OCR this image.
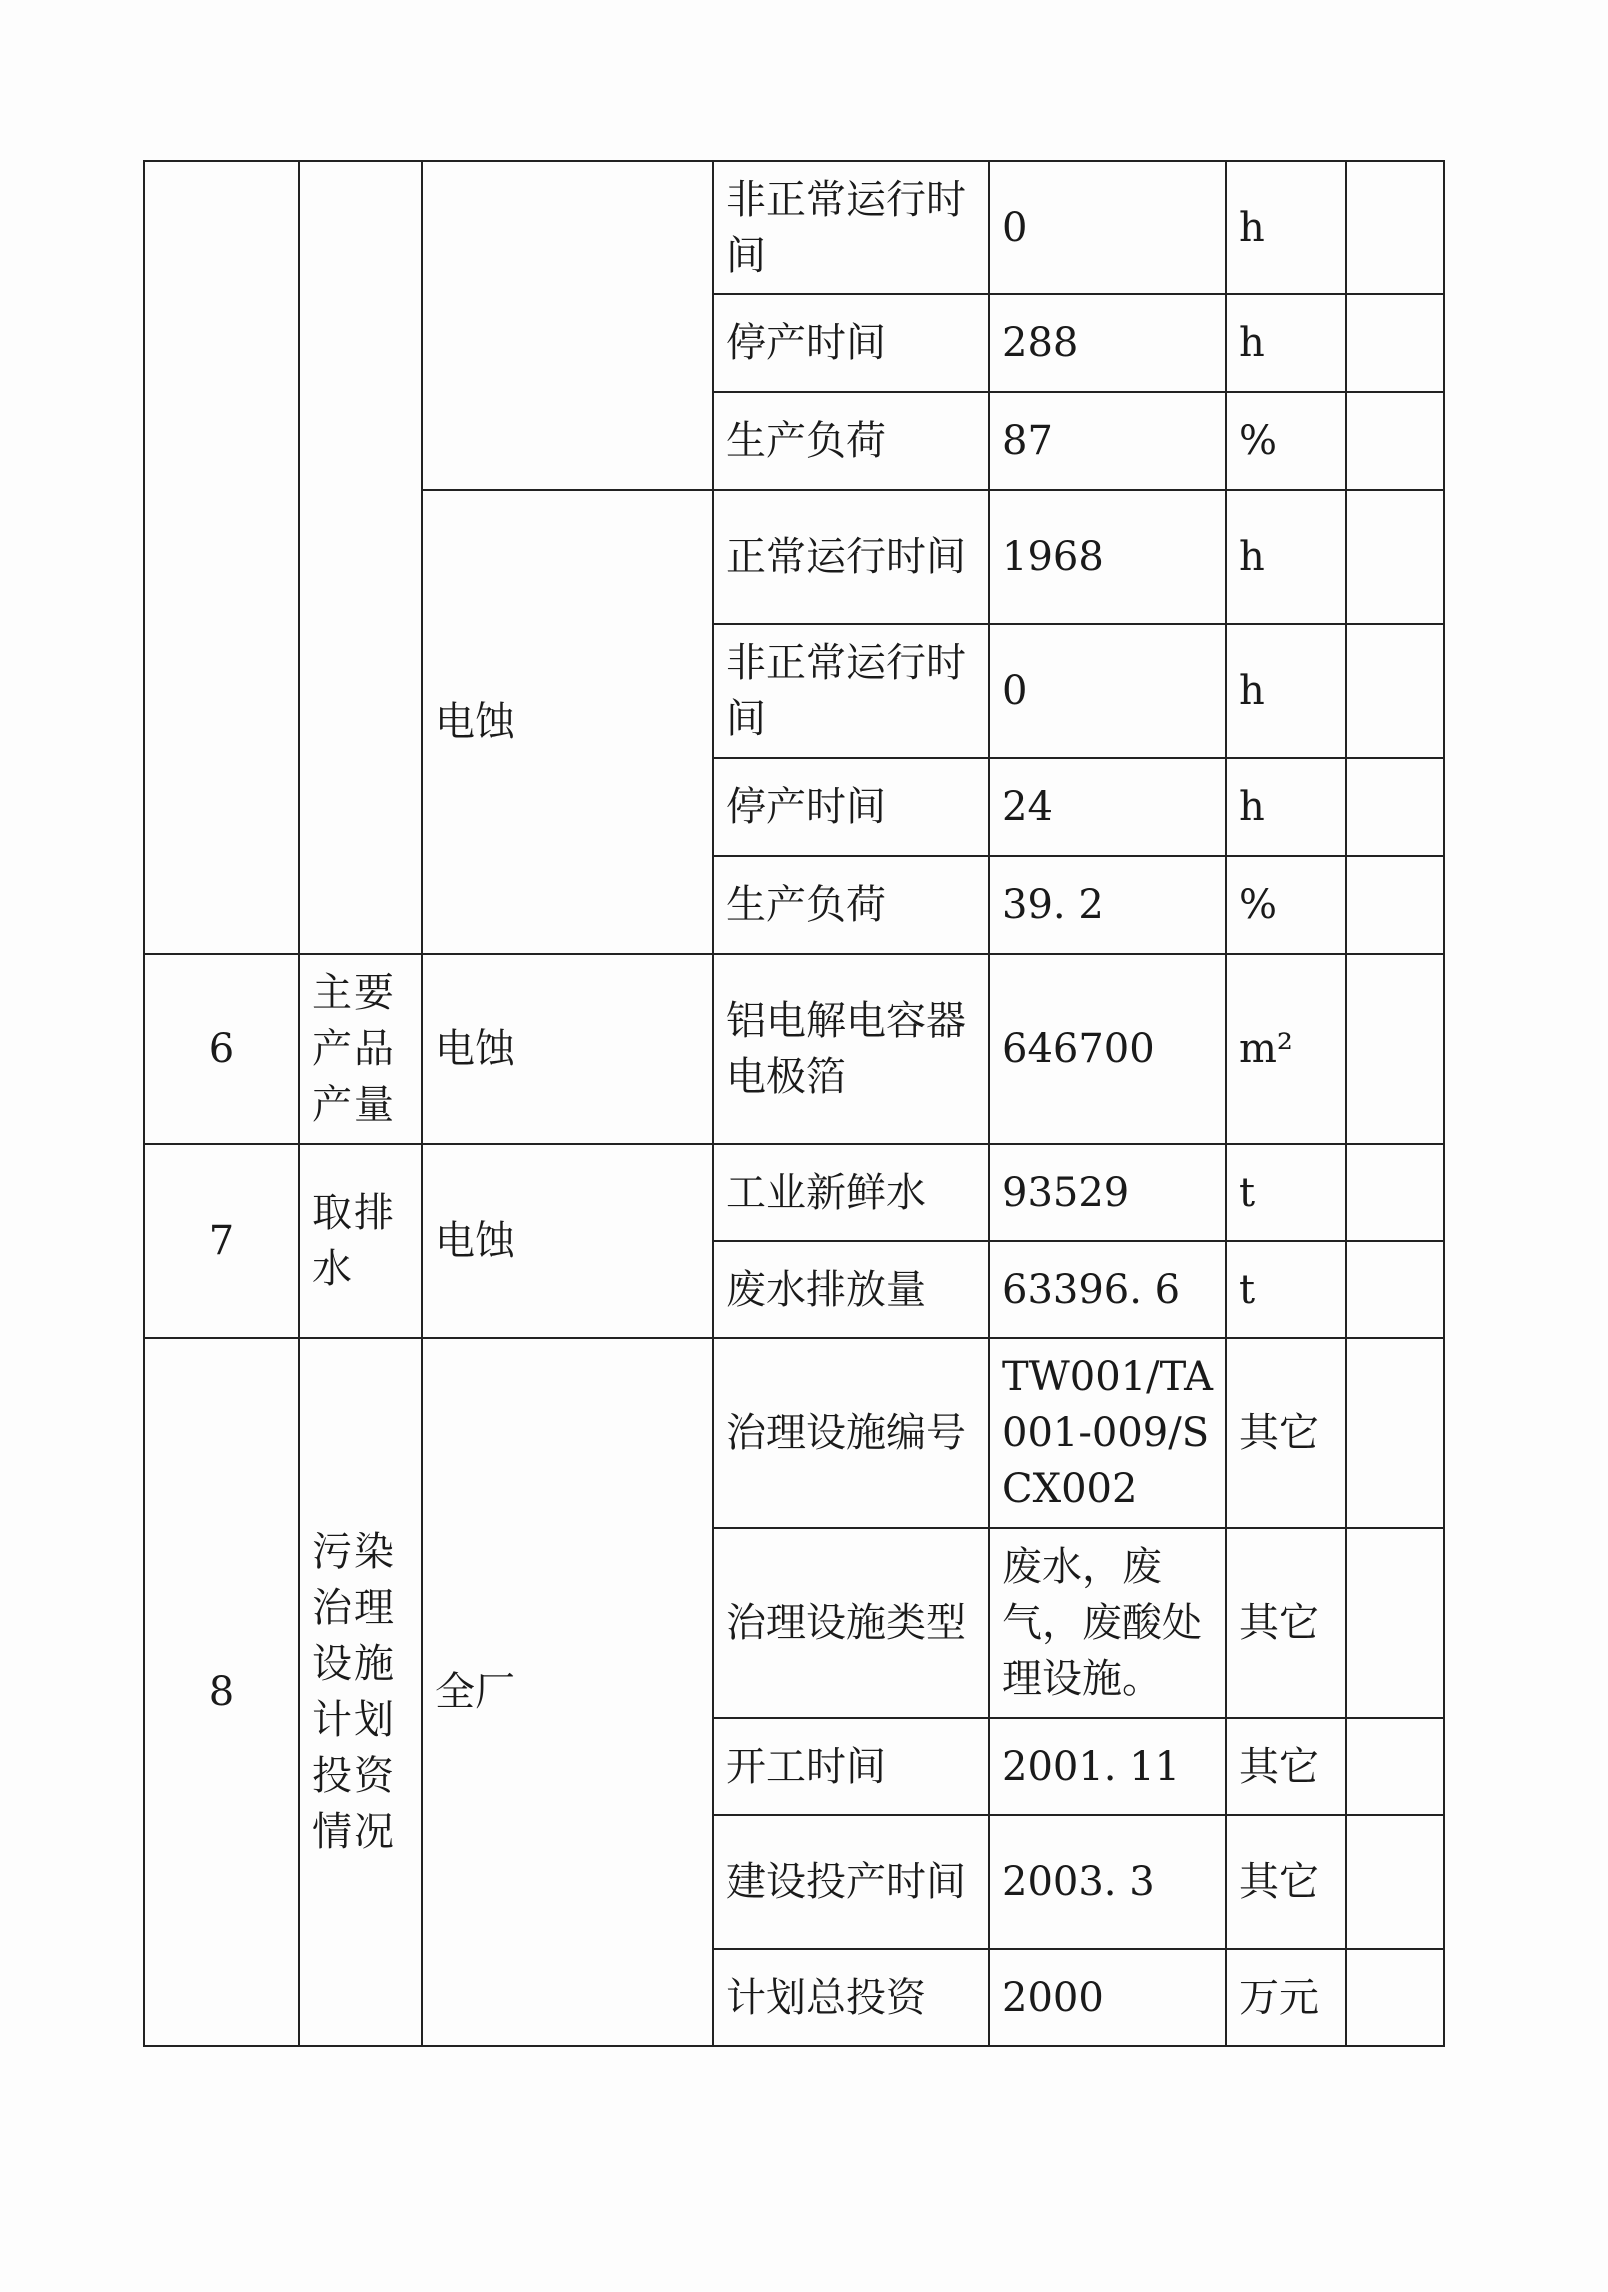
			非正常运行时间	0	h	
			停产时间	288	h	
			生产负荷	87	%	
		电蚀	正常运行时间	1968	h	
			非正常运行时间	0	h	
			停产时间	24	h	
			生产负荷	39. 2	%	
6	主要产品产量	电蚀	铝电解电容器电极箔	646700	m²	
7	取排水	电蚀	工业新鲜水	93529	t	
			废水排放量	63396. 6	t	
8	污染治理设施计划投资情况	全厂	治理设施编号	TW001/TA001-009/SCX002	其它	
			治理设施类型	废水，废气，废酸处理设施。	其它	
			开工时间	2001. 11	其它	
			建设投产时间	2003. 3	其它	
			计划总投资	2000	万元	
